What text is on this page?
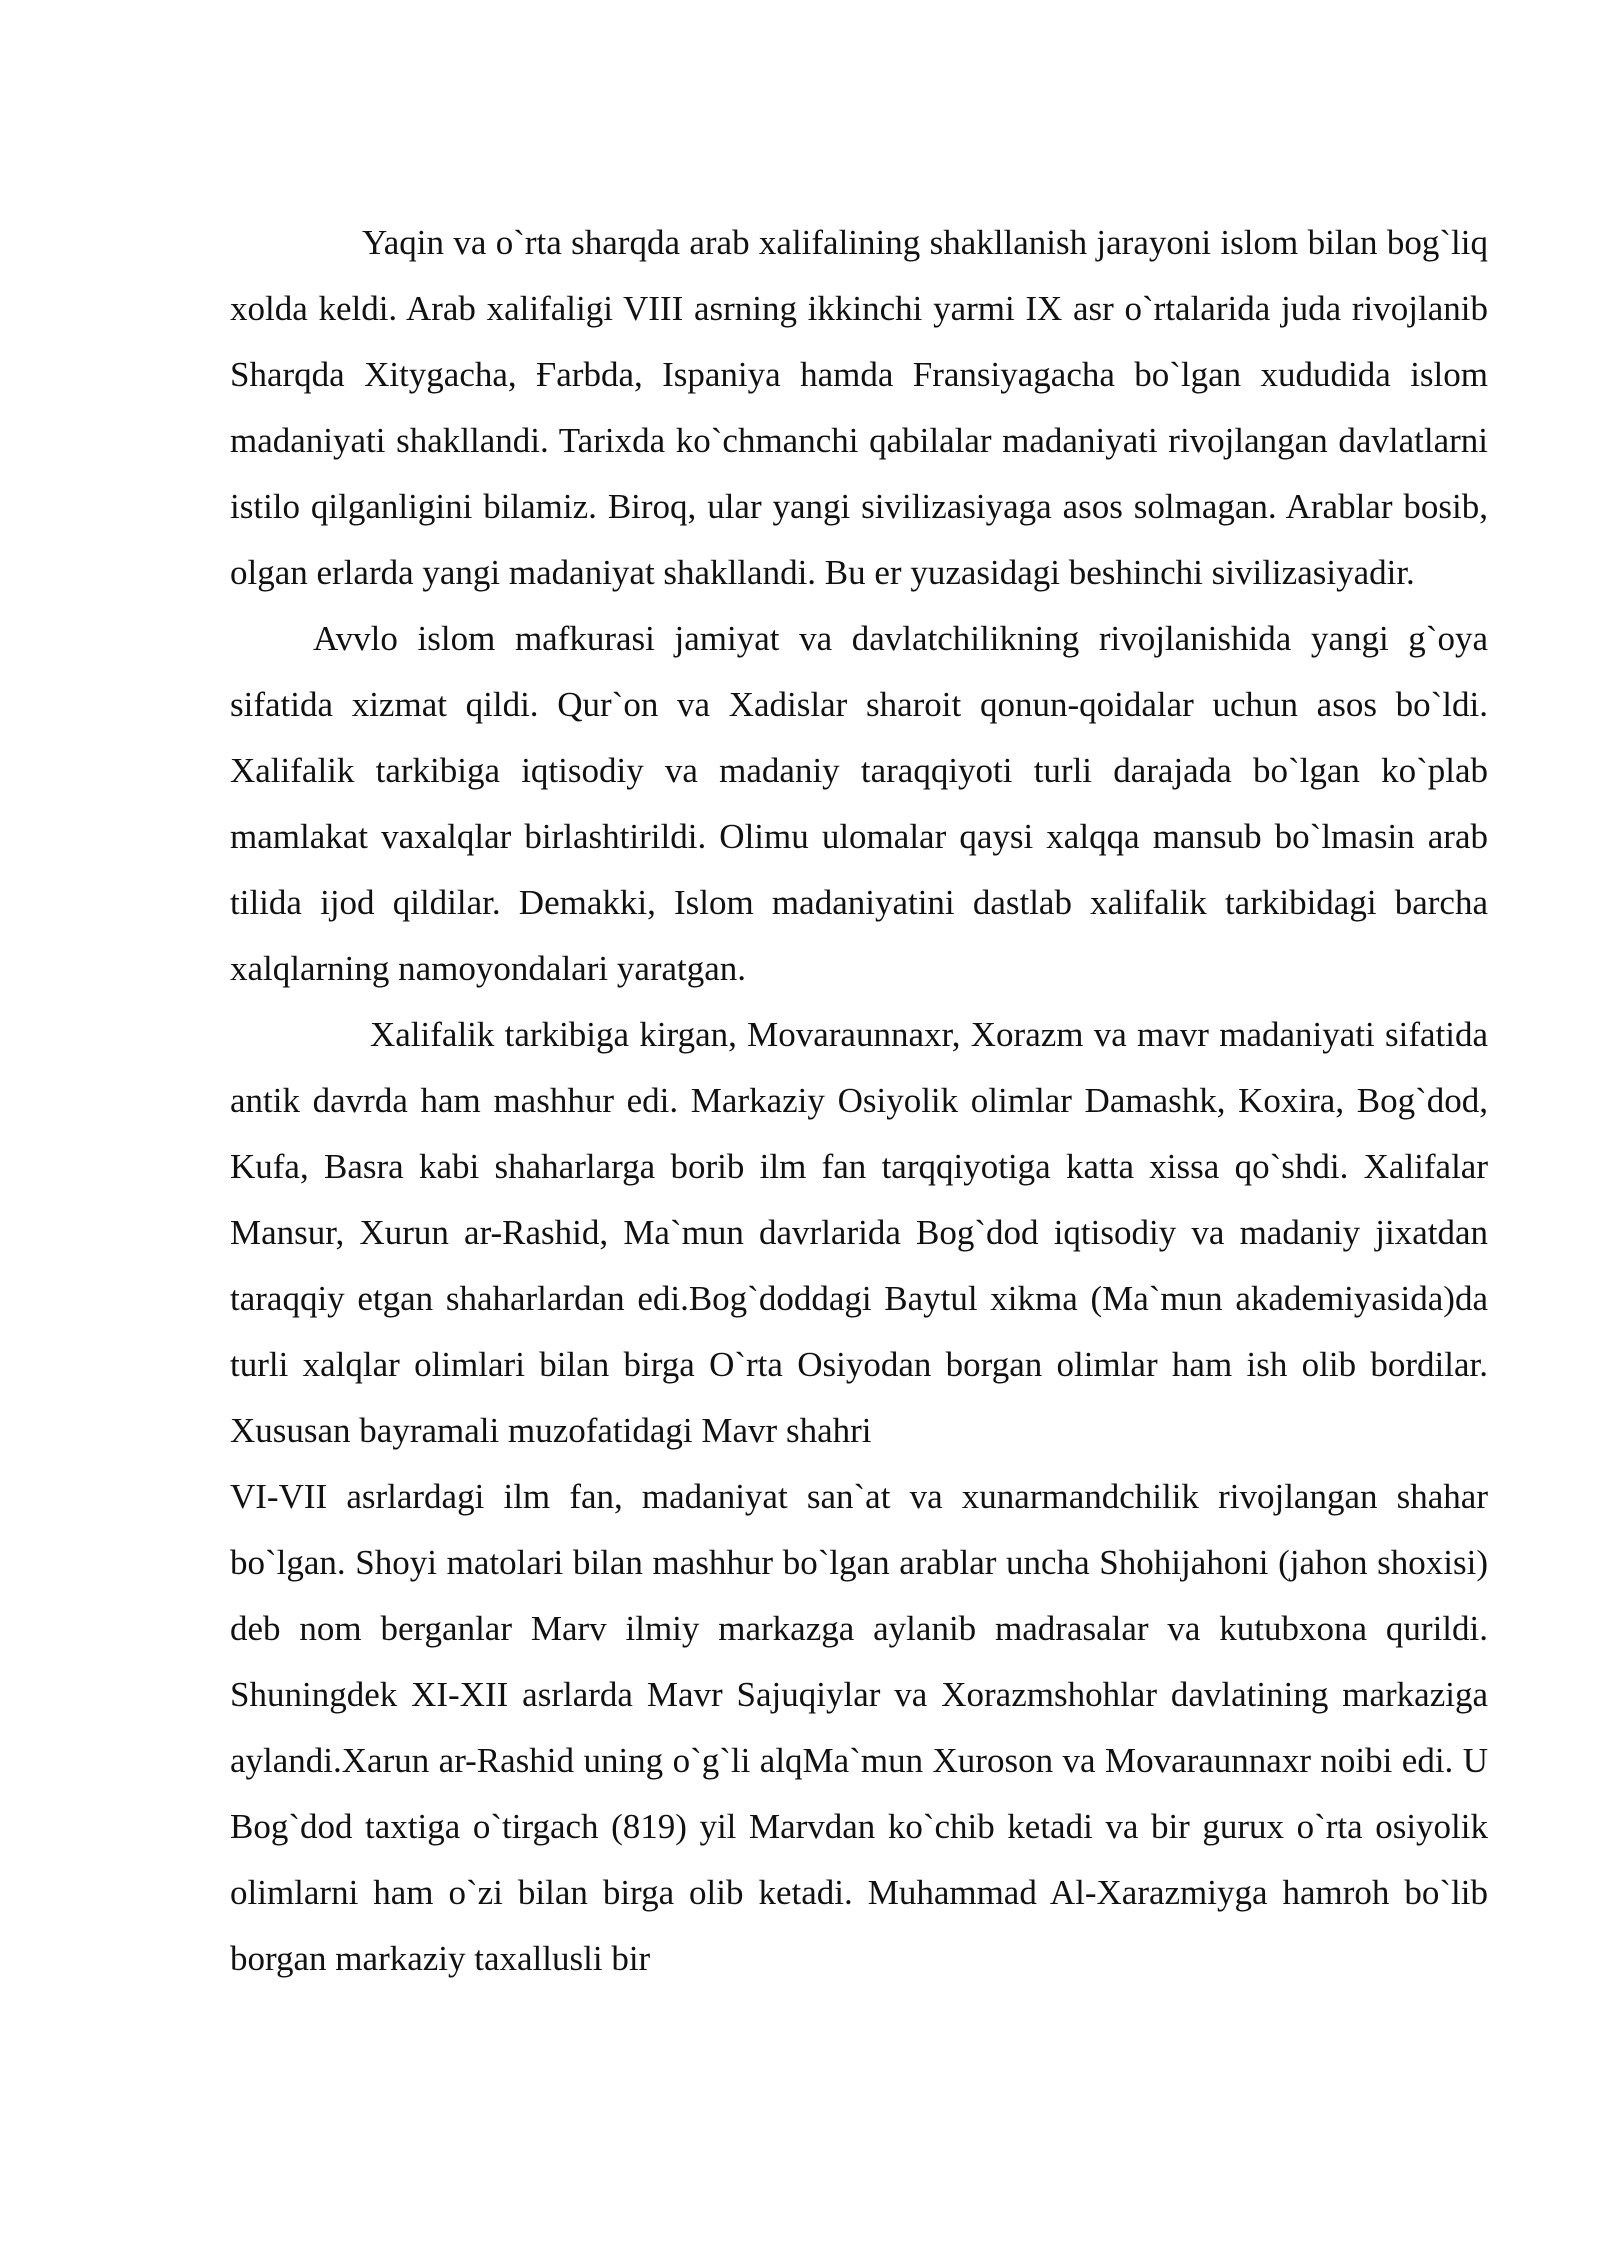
Yaqin va o`rta sharqda arab xalifalining shakllanish jarayoni islom bilan bog`liq xolda keldi. Arab xalifaligi VIII asrning ikkinchi yarmi IX asr o`rtalarida juda rivojlanib Sharqda Xitygacha, Ғarbda, Ispaniya hamda Fransiyagacha bo`lgan xududida islom madaniyati shakllandi. Tarixda ko`chmanchi qabilalar madaniyati rivojlangan davlatlarni istilo qilganligini bilamiz. Biroq, ular yangi sivilizasiyaga asos solmagan. Arablar bosib, olgan erlarda yangi madaniyat shakllandi. Bu er yuzasidagi beshinchi sivilizasiyadir.

Avvlo islom mafkurasi jamiyat va davlatchilikning rivojlanishida yangi g`oya sifatida xizmat qildi. Qur`on va Xadislar sharoit qonun-qoidalar uchun asos bo`ldi. Xalifalik tarkibiga iqtisodiy va madaniy taraqqiyoti turli darajada bo`lgan ko`plab mamlakat vaxalqlar birlashtirildi. Olimu ulomalar qaysi xalqqa mansub bo`lmasin arab tilida ijod qildilar. Demakki, Islom madaniyatini dastlab xalifalik tarkibidagi barcha xalqlarning namoyondalari yaratgan.

Xalifalik tarkibiga kirgan, Movaraunnaxr, Xorazm va mavr madaniyati sifatida antik davrda ham mashhur edi. Markaziy Osiyolik olimlar Damashk, Koxira, Bog`dod, Kufa, Basra kabi shaharlarga borib ilm fan tarqqiyotiga katta xissa qo`shdi. Xalifalar Mansur, Xurun ar-Rashid, Ma`mun davrlarida Bog`dod iqtisodiy va madaniy jixatdan taraqqiy etgan shaharlardan edi.Bog`doddagi Baytul xikma (Ma`mun akademiyasida)da turli xalqlar olimlari bilan birga O`rta Osiyodan borgan olimlar ham ish olib bordilar. Xususan bayramali muzofatidagi Mavr shahri

VI-VII asrlardagi ilm fan, madaniyat san`at va xunarmandchilik rivojlangan shahar bo`lgan. Shoyi matolari bilan mashhur bo`lgan arablar uncha Shohijahoni (jahon shoxisi) deb nom berganlar Marv ilmiy markazga aylanib madrasalar va kutubxona qurildi. Shuningdek XI-XII asrlarda Mavr Sajuqiylar va Xorazmshohlar davlatining markaziga aylandi.Xarun ar-Rashid uning o`g`li alqMa`mun Xuroson va Movaraunnaxr noibi edi. U Bog`dod taxtiga o`tirgach (819) yil Marvdan ko`chib ketadi va bir gurux o`rta osiyolik olimlarni ham o`zi bilan birga olib ketadi. Muhammad Al-Xarazmiyga hamroh bo`lib borgan markaziy taxallusli bir
